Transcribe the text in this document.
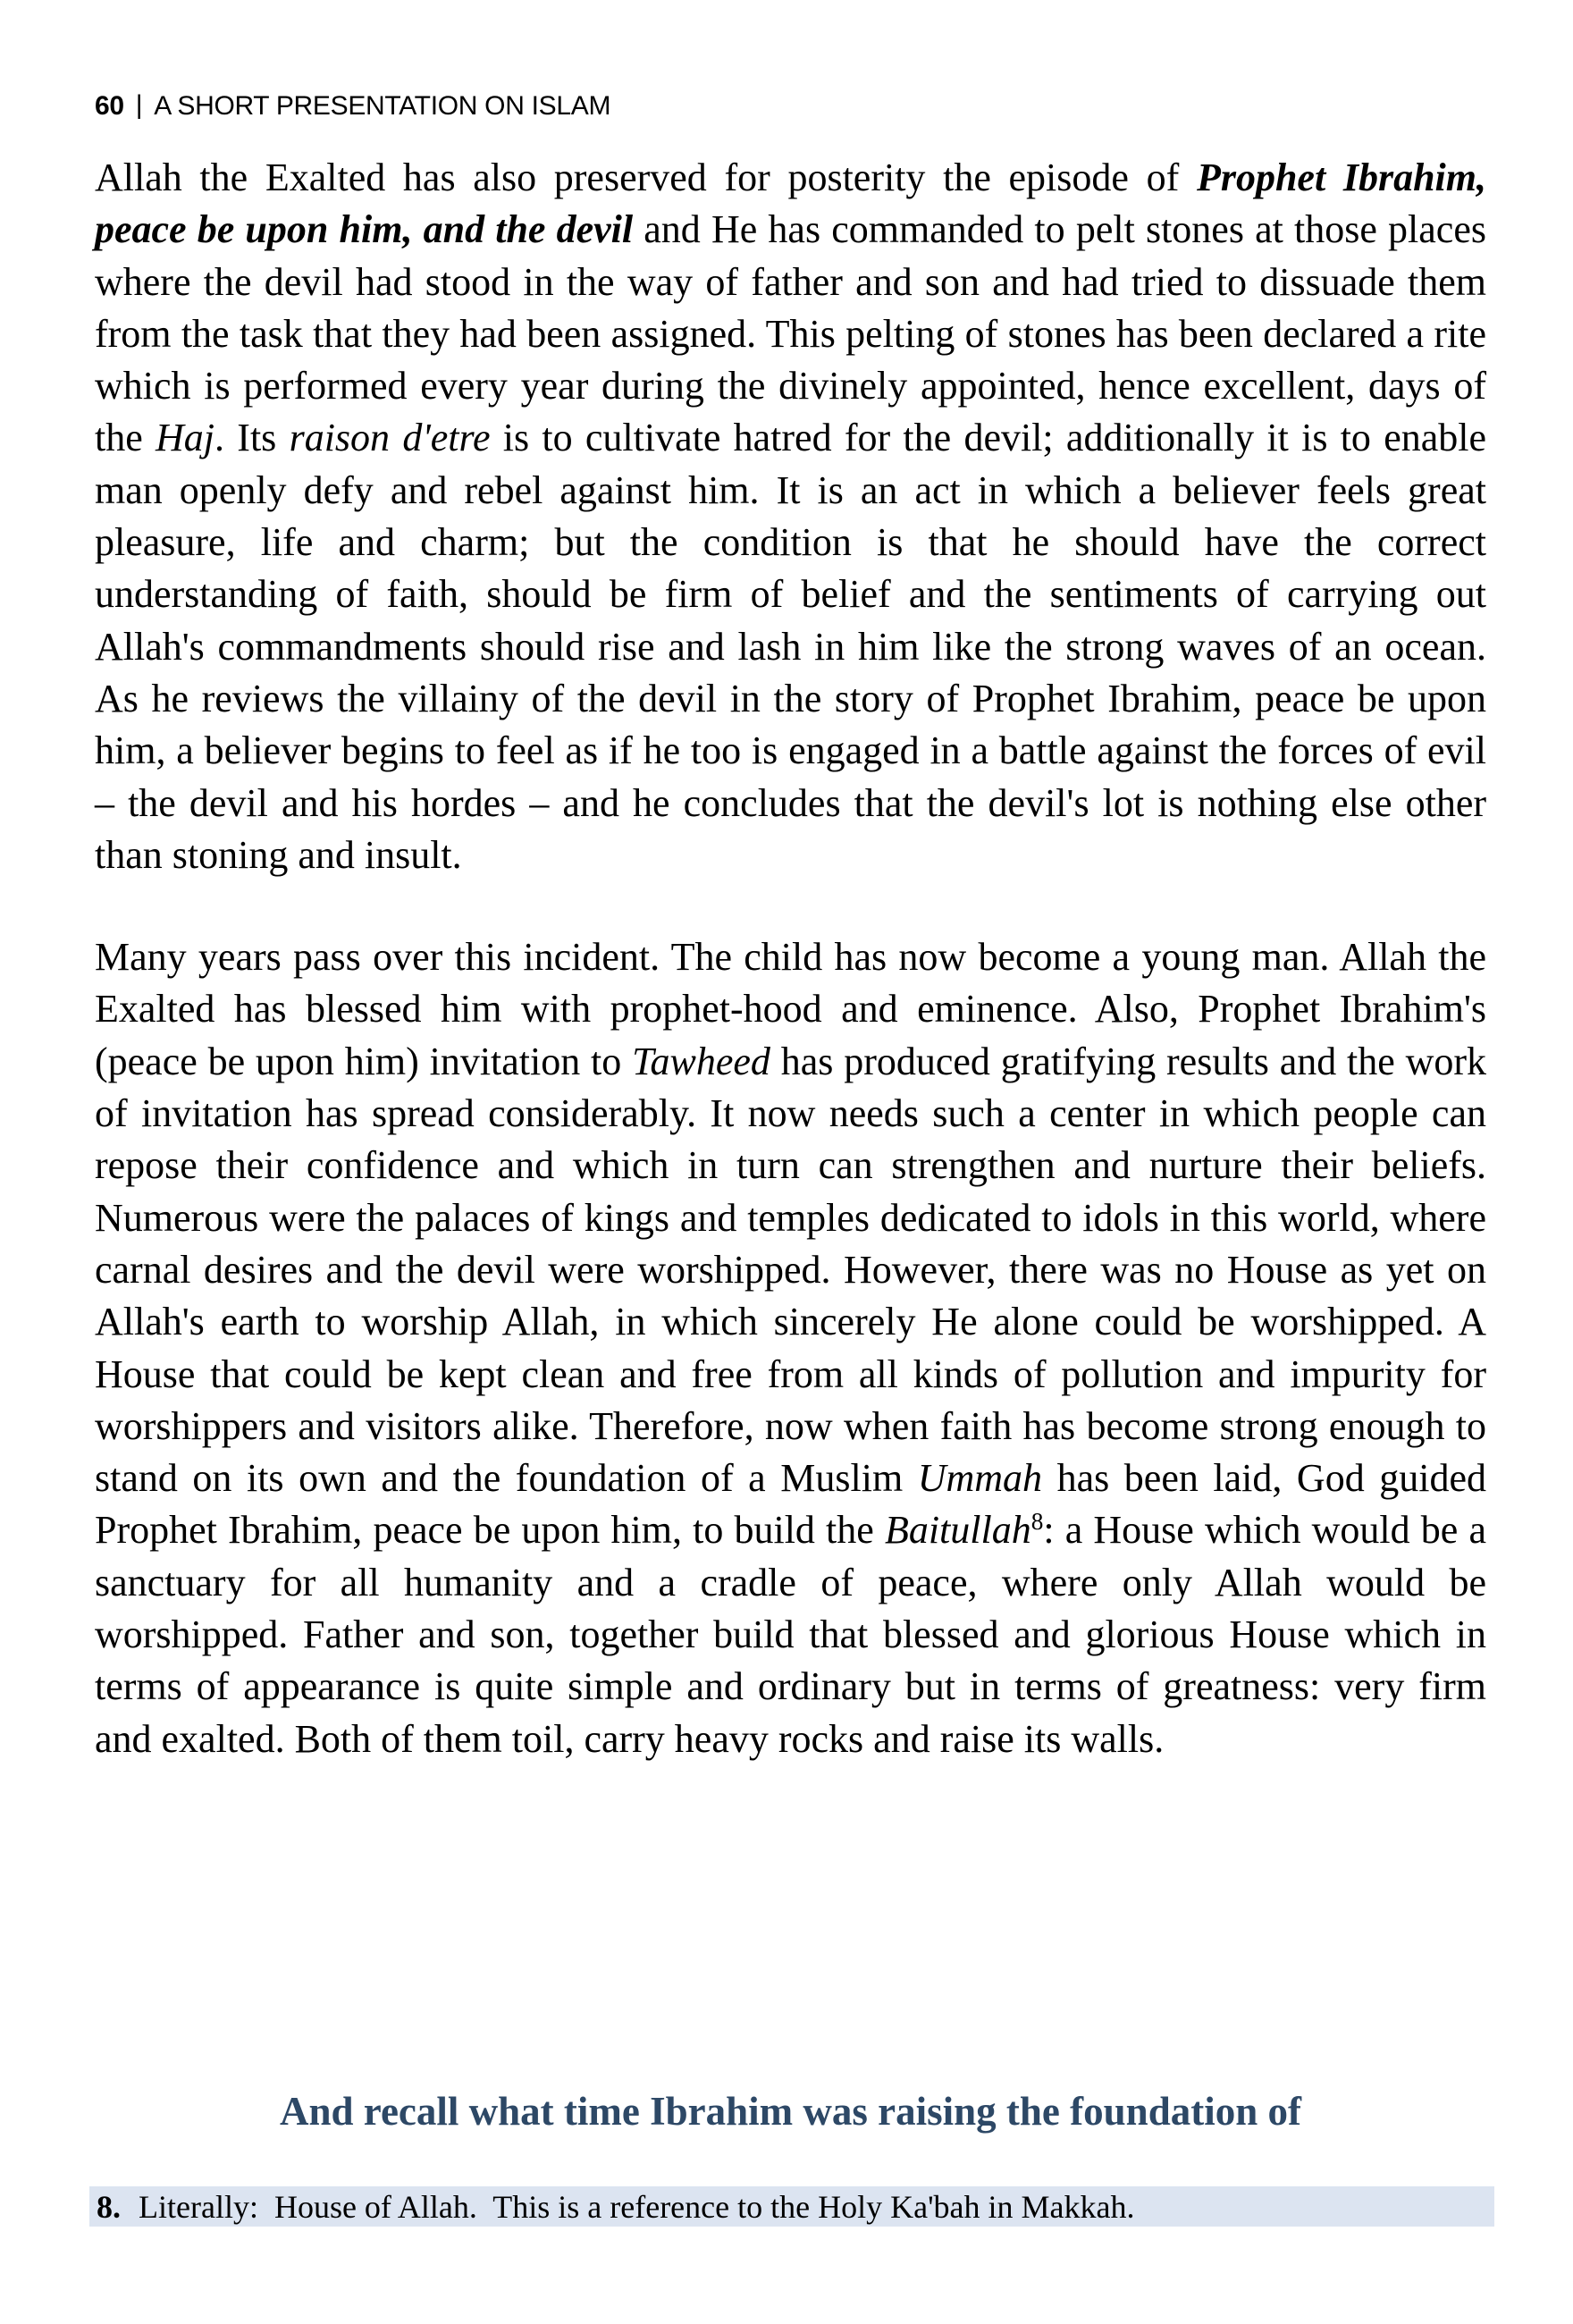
60 | A SHORT PRESENTATION ON ISLAM

Allah the Exalted has also preserved for posterity the episode of Prophet Ibrahim, peace be upon him, and the devil and He has commanded to pelt stones at those places where the devil had stood in the way of father and son and had tried to dissuade them from the task that they had been assigned. This pelting of stones has been declared a rite which is performed every year during the divinely appointed, hence excellent, days of the Haj. Its raison d'etre is to cultivate hatred for the devil; additionally it is to enable man openly defy and rebel against him. It is an act in which a believer feels great pleasure, life and charm; but the condition is that he should have the correct understanding of faith, should be firm of belief and the sentiments of carrying out Allah's commandments should rise and lash in him like the strong waves of an ocean. As he reviews the villainy of the devil in the story of Prophet Ibrahim, peace be upon him, a believer begins to feel as if he too is engaged in a battle against the forces of evil – the devil and his hordes – and he concludes that the devil's lot is nothing else other than stoning and insult.

Many years pass over this incident. The child has now become a young man. Allah the Exalted has blessed him with prophet-hood and eminence. Also, Prophet Ibrahim's (peace be upon him) invitation to Tawheed has produced gratifying results and the work of invitation has spread considerably. It now needs such a center in which people can repose their confidence and which in turn can strengthen and nurture their beliefs. Numerous were the palaces of kings and temples dedicated to idols in this world, where carnal desires and the devil were worshipped. However, there was no House as yet on Allah's earth to worship Allah, in which sincerely He alone could be worshipped. A House that could be kept clean and free from all kinds of pollution and impurity for worshippers and visitors alike. Therefore, now when faith has become strong enough to stand on its own and the foundation of a Muslim Ummah has been laid, God guided Prophet Ibrahim, peace be upon him, to build the Baitullah$^8$: a House which would be a sanctuary for all humanity and a cradle of peace, where only Allah would be worshipped. Father and son, together build that blessed and glorious House which in terms of appearance is quite simple and ordinary but in terms of greatness: very firm and exalted. Both of them toil, carry heavy rocks and raise its walls.

And recall what time Ibrahim was raising the foundation of
8. Literally:  House of Allah.  This is a reference to the Holy Ka'bah in Makkah.
